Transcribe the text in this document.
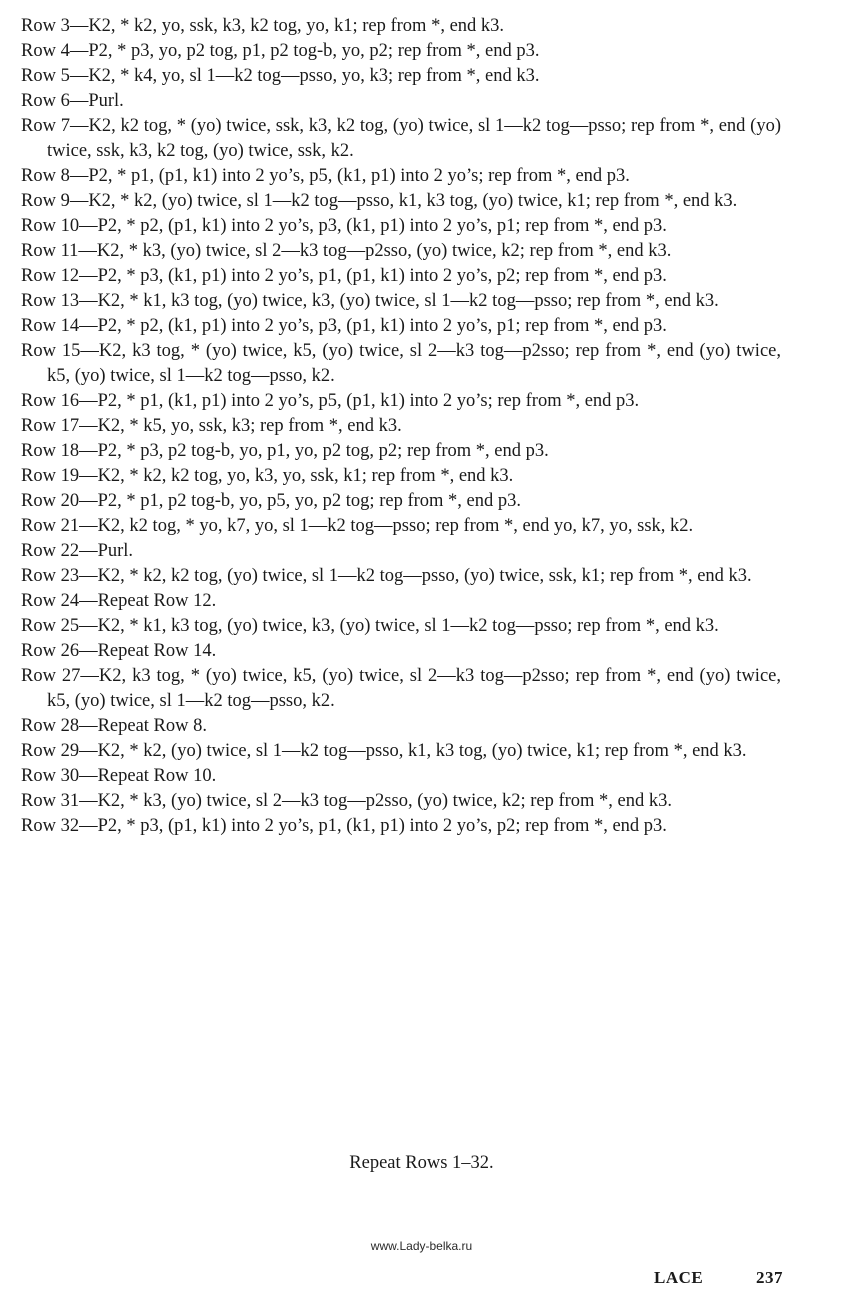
Row 3—K2, * k2, yo, ssk, k3, k2 tog, yo, k1; rep from *, end k3.

Row 4—P2, * p3, yo, p2 tog, p1, p2 tog-b, yo, p2; rep from *, end p3.

Row 5—K2, * k4, yo, sl 1—k2 tog—psso, yo, k3; rep from *, end k3.

Row 6—Purl.

Row 7—K2, k2 tog, * (yo) twice, ssk, k3, k2 tog, (yo) twice, sl 1—k2 tog—psso; rep from *, end (yo) twice, ssk, k3, k2 tog, (yo) twice, ssk, k2.

Row 8—P2, * p1, (p1, k1) into 2 yo’s, p5, (k1, p1) into 2 yo’s; rep from *, end p3.

Row 9—K2, * k2, (yo) twice, sl 1—k2 tog—psso, k1, k3 tog, (yo) twice, k1; rep from *, end k3.

Row 10—P2, * p2, (p1, k1) into 2 yo’s, p3, (k1, p1) into 2 yo’s, p1; rep from *, end p3.

Row 11—K2, * k3, (yo) twice, sl 2—k3 tog—p2sso, (yo) twice, k2; rep from *, end k3.

Row 12—P2, * p3, (k1, p1) into 2 yo’s, p1, (p1, k1) into 2 yo’s, p2; rep from *, end p3.

Row 13—K2, * k1, k3 tog, (yo) twice, k3, (yo) twice, sl 1—k2 tog—psso; rep from *, end k3.

Row 14—P2, * p2, (k1, p1) into 2 yo’s, p3, (p1, k1) into 2 yo’s, p1; rep from *, end p3.

Row 15—K2, k3 tog, * (yo) twice, k5, (yo) twice, sl 2—k3 tog—p2sso; rep from *, end (yo) twice, k5, (yo) twice, sl 1—k2 tog—psso, k2.

Row 16—P2, * p1, (k1, p1) into 2 yo’s, p5, (p1, k1) into 2 yo’s; rep from *, end p3.

Row 17—K2, * k5, yo, ssk, k3; rep from *, end k3.

Row 18—P2, * p3, p2 tog-b, yo, p1, yo, p2 tog, p2; rep from *, end p3.

Row 19—K2, * k2, k2 tog, yo, k3, yo, ssk, k1; rep from *, end k3.

Row 20—P2, * p1, p2 tog-b, yo, p5, yo, p2 tog; rep from *, end p3.

Row 21—K2, k2 tog, * yo, k7, yo, sl 1—k2 tog—psso; rep from *, end yo, k7, yo, ssk, k2.

Row 22—Purl.

Row 23—K2, * k2, k2 tog, (yo) twice, sl 1—k2 tog—psso, (yo) twice, ssk, k1; rep from *, end k3.

Row 24—Repeat Row 12.

Row 25—K2, * k1, k3 tog, (yo) twice, k3, (yo) twice, sl 1—k2 tog—psso; rep from *, end k3.

Row 26—Repeat Row 14.

Row 27—K2, k3 tog, * (yo) twice, k5, (yo) twice, sl 2—k3 tog—p2sso; rep from *, end (yo) twice, k5, (yo) twice, sl 1—k2 tog—psso, k2.

Row 28—Repeat Row 8.

Row 29—K2, * k2, (yo) twice, sl 1—k2 tog—psso, k1, k3 tog, (yo) twice, k1; rep from *, end k3.

Row 30—Repeat Row 10.

Row 31—K2, * k3, (yo) twice, sl 2—k3 tog—p2sso, (yo) twice, k2; rep from *, end k3.

Row 32—P2, * p3, (p1, k1) into 2 yo’s, p1, (k1, p1) into 2 yo’s, p2; rep from *, end p3.

Repeat Rows 1–32.
www.Lady-belka.ru
LACE	237
